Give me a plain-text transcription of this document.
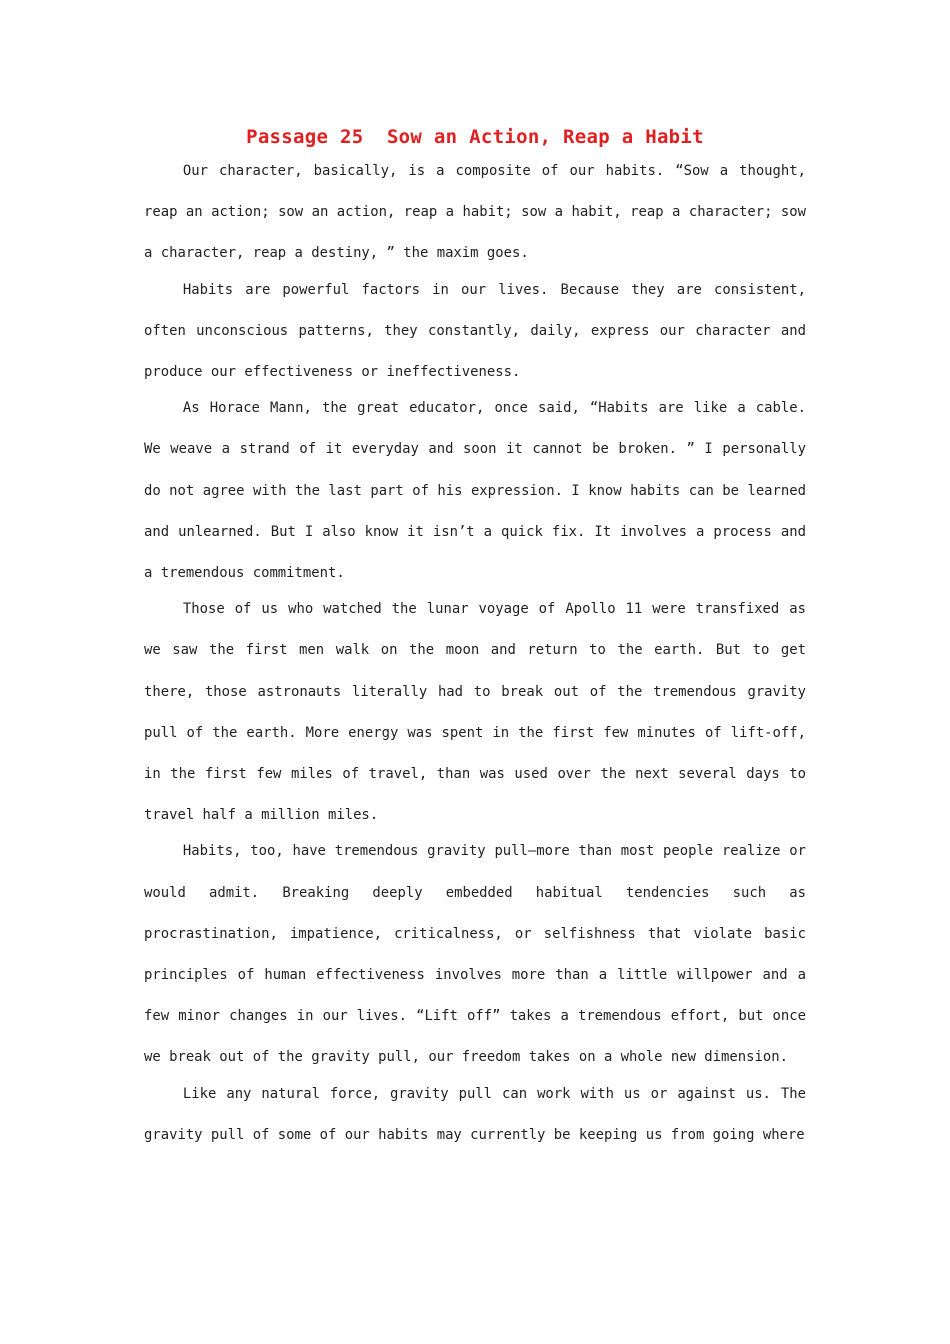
Passage 25  Sow an Action, Reap a Habit

Our character, basically, is a composite of our habits. “Sow a thought, reap an action; sow an action, reap a habit; sow a habit, reap a character; sow a character, reap a destiny, ” the maxim goes.

Habits are powerful factors in our lives. Because they are consistent, often unconscious patterns, they constantly, daily, express our character and produce our effectiveness or ineffectiveness.

As Horace Mann, the great educator, once said, “Habits are like a cable. We weave a strand of it everyday and soon it cannot be broken. ” I personally do not agree with the last part of his expression. I know habits can be learned and unlearned. But I also know it isn’t a quick fix. It involves a process and a tremendous commitment.

Those of us who watched the lunar voyage of Apollo 11 were transfixed as we saw the first men walk on the moon and return to the earth. But to get there, those astronauts literally had to break out of the tremendous gravity pull of the earth. More energy was spent in the first few minutes of lift-off, in the first few miles of travel, than was used over the next several days to travel half a million miles.

Habits, too, have tremendous gravity pull—more than most people realize or would admit. Breaking deeply embedded habitual tendencies such as procrastination, impatience, criticalness, or selfishness that violate basic principles of human effectiveness involves more than a little willpower and a few minor changes in our lives. “Lift off” takes a tremendous effort, but once we break out of the gravity pull, our freedom takes on a whole new dimension.

Like any natural force, gravity pull can work with us or against us. The gravity pull of some of our habits may currently be keeping us from going where
